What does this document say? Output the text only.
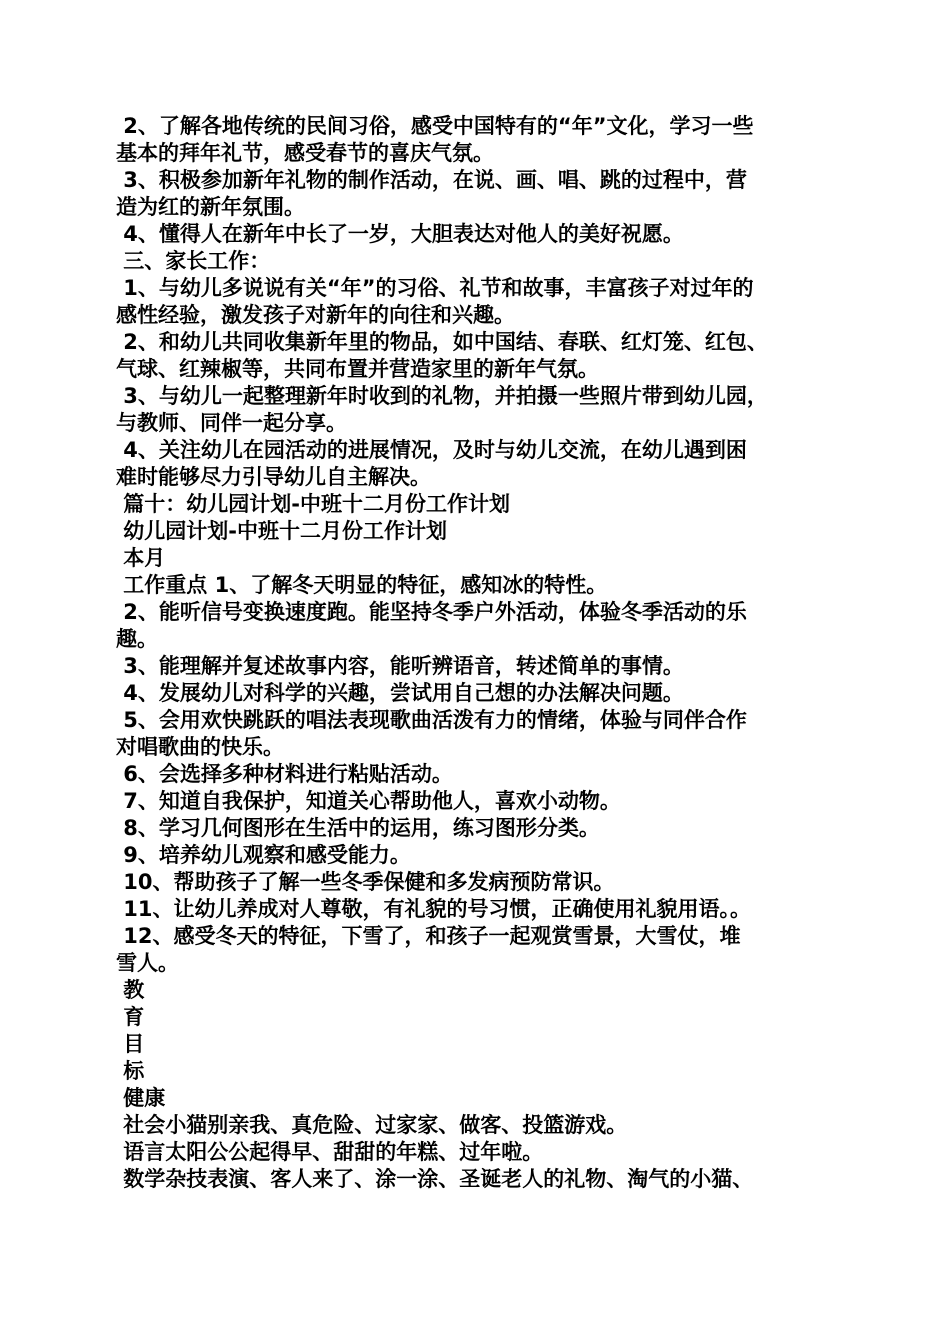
2、了解各地传统的民间习俗，感受中国特有的“年”文化，学习一些
基本的拜年礼节，感受春节的喜庆气氛。
3、积极参加新年礼物的制作活动，在说、画、唱、跳的过程中，营
造为红的新年氛围。
4、懂得人在新年中长了一岁，大胆表达对他人的美好祝愿。
三、家长工作：
1、与幼儿多说说有关“年”的习俗、礼节和故事，丰富孩子对过年的
感性经验，激发孩子对新年的向往和兴趣。
2、和幼儿共同收集新年里的物品，如中国结、春联、红灯笼、红包、
气球、红辣椒等，共同布置并营造家里的新年气氛。
3、与幼儿一起整理新年时收到的礼物，并拍摄一些照片带到幼儿园，
与教师、同伴一起分享。
4、关注幼儿在园活动的进展情况，及时与幼儿交流，在幼儿遇到困
难时能够尽力引导幼儿自主解决。
篇十：幼儿园计划-中班十二月份工作计划
幼儿园计划-中班十二月份工作计划
本月
工作重点 1、了解冬天明显的特征，感知冰的特性。
2、能听信号变换速度跑。能坚持冬季户外活动，体验冬季活动的乐
趣。
3、能理解并复述故事内容，能听辨语音，转述简单的事情。
4、发展幼儿对科学的兴趣，尝试用自己想的办法解决问题。
5、会用欢快跳跃的唱法表现歌曲活泼有力的情绪，体验与同伴合作
对唱歌曲的快乐。
6、会选择多种材料进行粘贴活动。
7、知道自我保护，知道关心帮助他人，喜欢小动物。
8、学习几何图形在生活中的运用，练习图形分类。
9、培养幼儿观察和感受能力。
10、帮助孩子了解一些冬季保健和多发病预防常识。
11、让幼儿养成对人尊敬，有礼貌的号习惯，正确使用礼貌用语。。
12、感受冬天的特征，下雪了，和孩子一起观赏雪景，大雪仗，堆
雪人。
教
育
目
标
健康
社会小猫别亲我、真危险、过家家、做客、投篮游戏。
语言太阳公公起得早、甜甜的年糕、过年啦。
数学杂技表演、客人来了、涂一涂、圣诞老人的礼物、淘气的小猫、
